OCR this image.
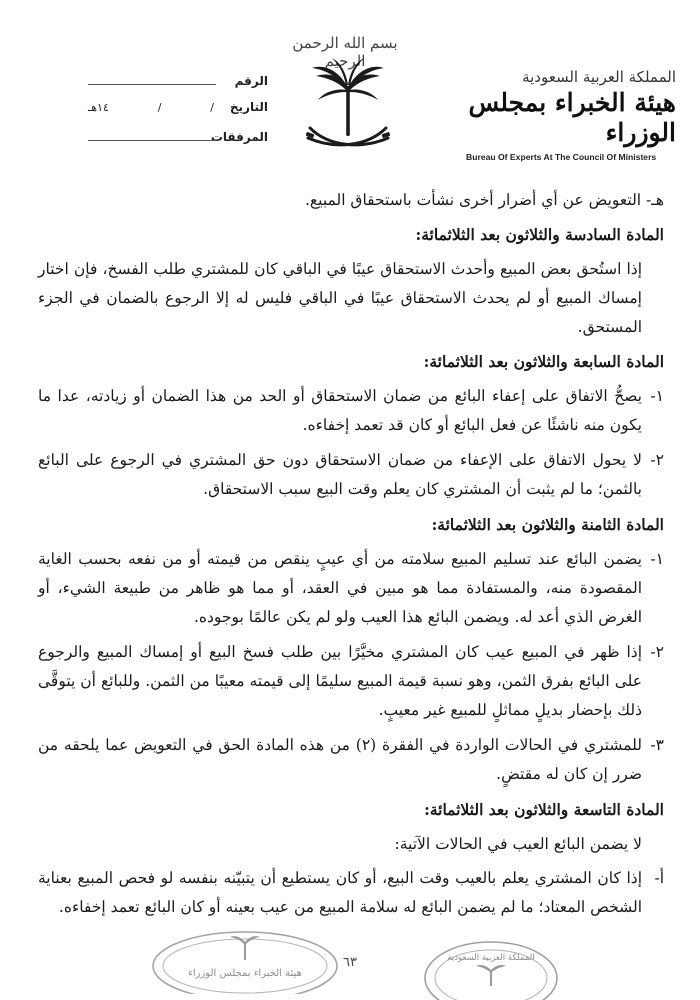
بسم الله الرحمن الرحيم
المملكة العربية السعودية
هيئة الخبراء بمجلس الوزراء
Bureau Of Experts At The Council Of Ministers
الرقم
التاريخ
/
/
١٤هـ
المرفقات

هـ- التعويض عن أي أضرار أخرى نشأت باستحقاق المبيع.

المادة السادسة والثلاثون بعد الثلاثمائة:

إذا استُحق بعض المبيع وأحدث الاستحقاق عيبًا في الباقي كان للمشتري طلب الفسخ، فإن اختار إمساك المبيع أو لم يحدث الاستحقاق عيبًا في الباقي فليس له إلا الرجوع بالضمان في الجزء المستحق.

المادة السابعة والثلاثون بعد الثلاثمائة:

١-
يصحُّ الاتفاق على إعفاء البائع من ضمان الاستحقاق أو الحد من هذا الضمان أو زيادته، عدا ما يكون منه ناشئًا عن فعل البائع أو كان قد تعمد إخفاءه.
٢-
لا يحول الاتفاق على الإعفاء من ضمان الاستحقاق دون حق المشتري في الرجوع على البائع بالثمن؛ ما لم يثبت أن المشتري كان يعلم وقت البيع سبب الاستحقاق.

المادة الثامنة والثلاثون بعد الثلاثمائة:

١-
يضمن البائع عند تسليم المبيع سلامته من أي عيبٍ ينقص من قيمته أو من نفعه بحسب الغاية المقصودة منه، والمستفادة مما هو مبين في العقد، أو مما هو ظاهر من طبيعة الشيء، أو الغرض الذي أعد له. ويضمن البائع هذا العيب ولو لم يكن عالمًا بوجوده.
٢-
إذا ظهر في المبيع عيب كان المشتري مخيَّرًا بين طلب فسخ البيع أو إمساك المبيع والرجوع على البائع بفرق الثمن، وهو نسبة قيمة المبيع سليمًا إلى قيمته معيبًا من الثمن. وللبائع أن يتوقَّى ذلك بإحضار بديلٍ مماثلٍ للمبيع غير معيبٍ.
٣-
للمشتري في الحالات الواردة في الفقرة (٢) من هذه المادة الحق في التعويض عما يلحقه من ضرر إن كان له مقتضٍ.

المادة التاسعة والثلاثون بعد الثلاثمائة:

لا يضمن البائع العيب في الحالات الآتية:

أ-
إذا كان المشتري يعلم بالعيب وقت البيع، أو كان يستطيع أن يتبيّنه بنفسه لو فحص المبيع بعناية الشخص المعتاد؛ ما لم يضمن البائع له سلامة المبيع من عيب بعينه أو كان البائع تعمد إخفاءه.
هيئة الخبراء بمجلس الوزراء
٦٣	المملكة العربية السعودية
